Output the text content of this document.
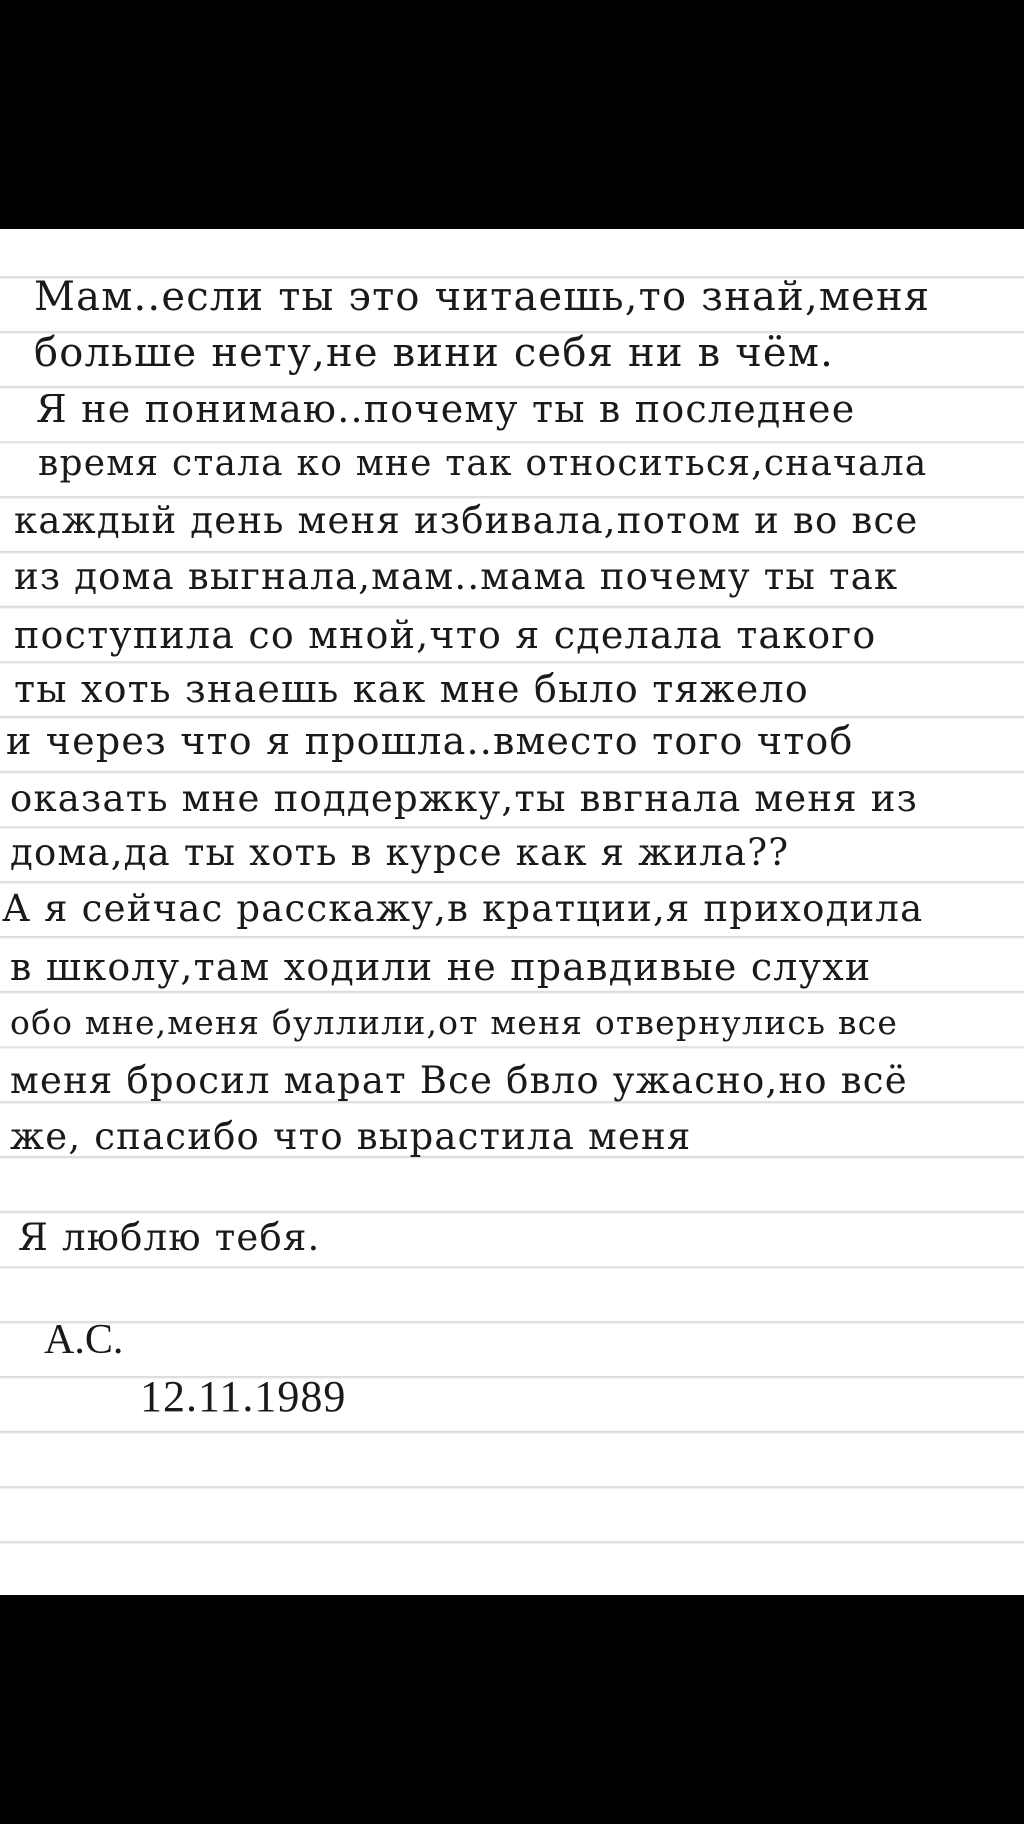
Мам..если ты это читаешь,то знай,меня
больше нету,не вини себя ни в чём.
Я не понимаю..почему ты в последнее
время стала ко мне так относиться,сначала
каждый день меня избивала,потом и во все
из дома выгнала,мам..мама почему ты так
поступила со мной,что я сделала такого
ты хоть знаешь как мне было тяжело
и через что я прошла..вместо того чтоб
оказать мне поддержку,ты ввгнала меня из
дома,да ты хоть в курсе как я жила??
А я сейчас расскажу,в кратции,я приходила
в школу,там ходили не правдивые слухи
обо мне,меня буллили,от меня отвернулись все
меня бросил марат Все бвло ужасно,но всё
же, спасибо что вырастила меня
Я люблю тебя.
А.С.
12.11.1989
